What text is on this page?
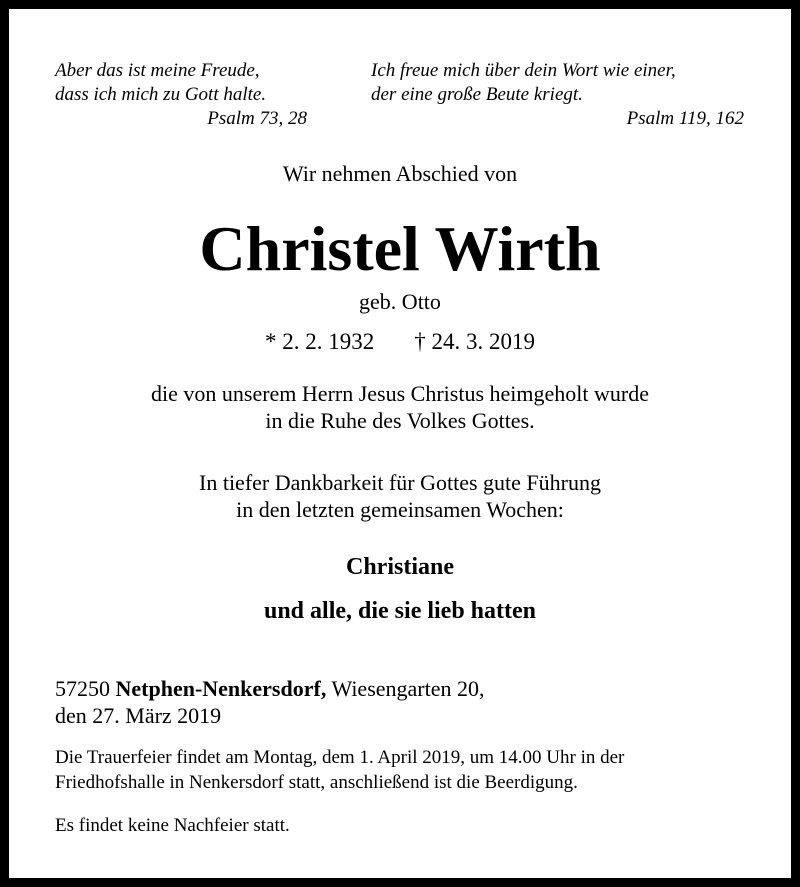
Aber das ist meine Freude,
dass ich mich zu Gott halte.
Psalm 73, 28
Ich freue mich über dein Wort wie einer,
der eine große Beute kriegt.
Psalm 119, 162
Wir nehmen Abschied von
Christel Wirth
geb. Otto
* 2. 2. 1932 † 24. 3. 2019
die von unserem Herrn Jesus Christus heimgeholt wurde
in die Ruhe des Volkes Gottes.
In tiefer Dankbarkeit für Gottes gute Führung
in den letzten gemeinsamen Wochen:
Christiane
und alle, die sie lieb hatten
57250 Netphen-Nenkersdorf, Wiesengarten 20,
den 27. März 2019
Die Trauerfeier findet am Montag, dem 1. April 2019, um 14.00 Uhr in der
Friedhofshalle in Nenkersdorf statt, anschließend ist die Beerdigung.
Es findet keine Nachfeier statt.
